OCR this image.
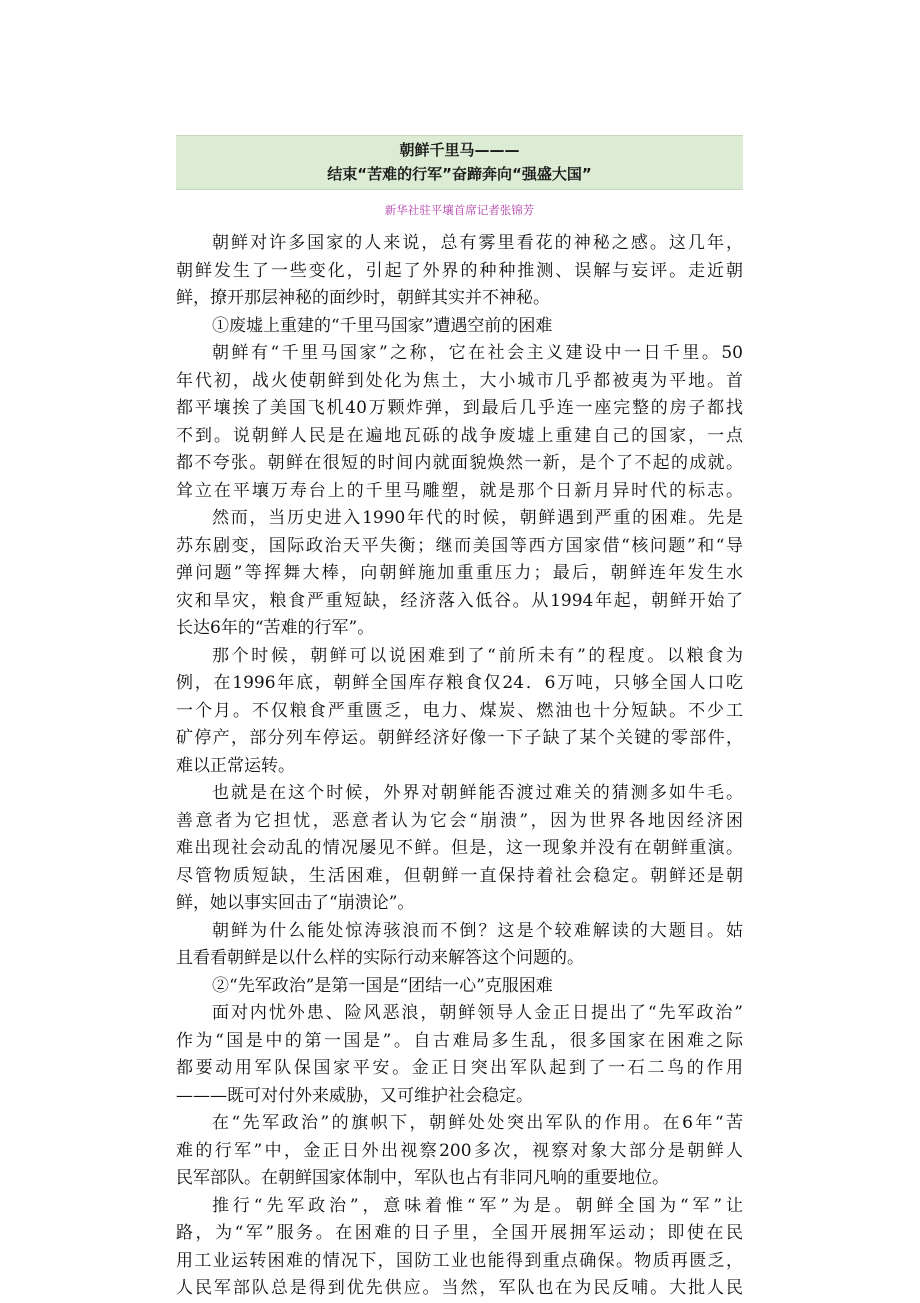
朝鲜千里马———
结束“苦难的行军”奋蹄奔向“强盛大国”
新华社驻平壤首席记者张锦芳
朝鲜对许多国家的人来说，总有雾里看花的神秘之感。这几年，
朝鲜发生了一些变化，引起了外界的种种推测、误解与妄评。走近朝
鲜，撩开那层神秘的面纱时，朝鲜其实并不神秘。
①废墟上重建的“千里马国家”遭遇空前的困难
朝鲜有“千里马国家”之称，它在社会主义建设中一日千里。50
年代初，战火使朝鲜到处化为焦土，大小城市几乎都被夷为平地。首
都平壤挨了美国飞机40万颗炸弹，到最后几乎连一座完整的房子都找
不到。说朝鲜人民是在遍地瓦砾的战争废墟上重建自己的国家，一点
都不夸张。朝鲜在很短的时间内就面貌焕然一新，是个了不起的成就。
耸立在平壤万寿台上的千里马雕塑，就是那个日新月异时代的标志。
然而，当历史进入1990年代的时候，朝鲜遇到严重的困难。先是
苏东剧变，国际政治天平失衡；继而美国等西方国家借“核问题”和“导
弹问题”等挥舞大棒，向朝鲜施加重重压力；最后，朝鲜连年发生水
灾和旱灾，粮食严重短缺，经济落入低谷。从1994年起，朝鲜开始了
长达6年的“苦难的行军”。
那个时候，朝鲜可以说困难到了“前所未有”的程度。以粮食为
例，在1996年底，朝鲜全国库存粮食仅24．6万吨，只够全国人口吃
一个月。不仅粮食严重匮乏，电力、煤炭、燃油也十分短缺。不少工
矿停产，部分列车停运。朝鲜经济好像一下子缺了某个关键的零部件，
难以正常运转。
也就是在这个时候，外界对朝鲜能否渡过难关的猜测多如牛毛。
善意者为它担忧，恶意者认为它会“崩溃”，因为世界各地因经济困
难出现社会动乱的情况屡见不鲜。但是，这一现象并没有在朝鲜重演。
尽管物质短缺，生活困难，但朝鲜一直保持着社会稳定。朝鲜还是朝
鲜，她以事实回击了“崩溃论”。
朝鲜为什么能处惊涛骇浪而不倒？这是个较难解读的大题目。姑
且看看朝鲜是以什么样的实际行动来解答这个问题的。
②“先军政治”是第一国是“团结一心”克服困难
面对内忧外患、险风恶浪，朝鲜领导人金正日提出了“先军政治”
作为“国是中的第一国是”。自古难局多生乱，很多国家在困难之际
都要动用军队保国家平安。金正日突出军队起到了一石二鸟的作用
———既可对付外来威胁，又可维护社会稳定。
在“先军政治”的旗帜下，朝鲜处处突出军队的作用。在6年“苦
难的行军”中，金正日外出视察200多次，视察对象大部分是朝鲜人
民军部队。在朝鲜国家体制中，军队也占有非同凡响的重要地位。
推行“先军政治”，意味着惟“军”为是。朝鲜全国为“军”让
路，为“军”服务。在困难的日子里，全国开展拥军运动；即使在民
用工业运转困难的情况下，国防工业也能得到重点确保。物质再匮乏，
人民军部队总是得到优先供应。当然，军队也在为民反哺。大批人民
